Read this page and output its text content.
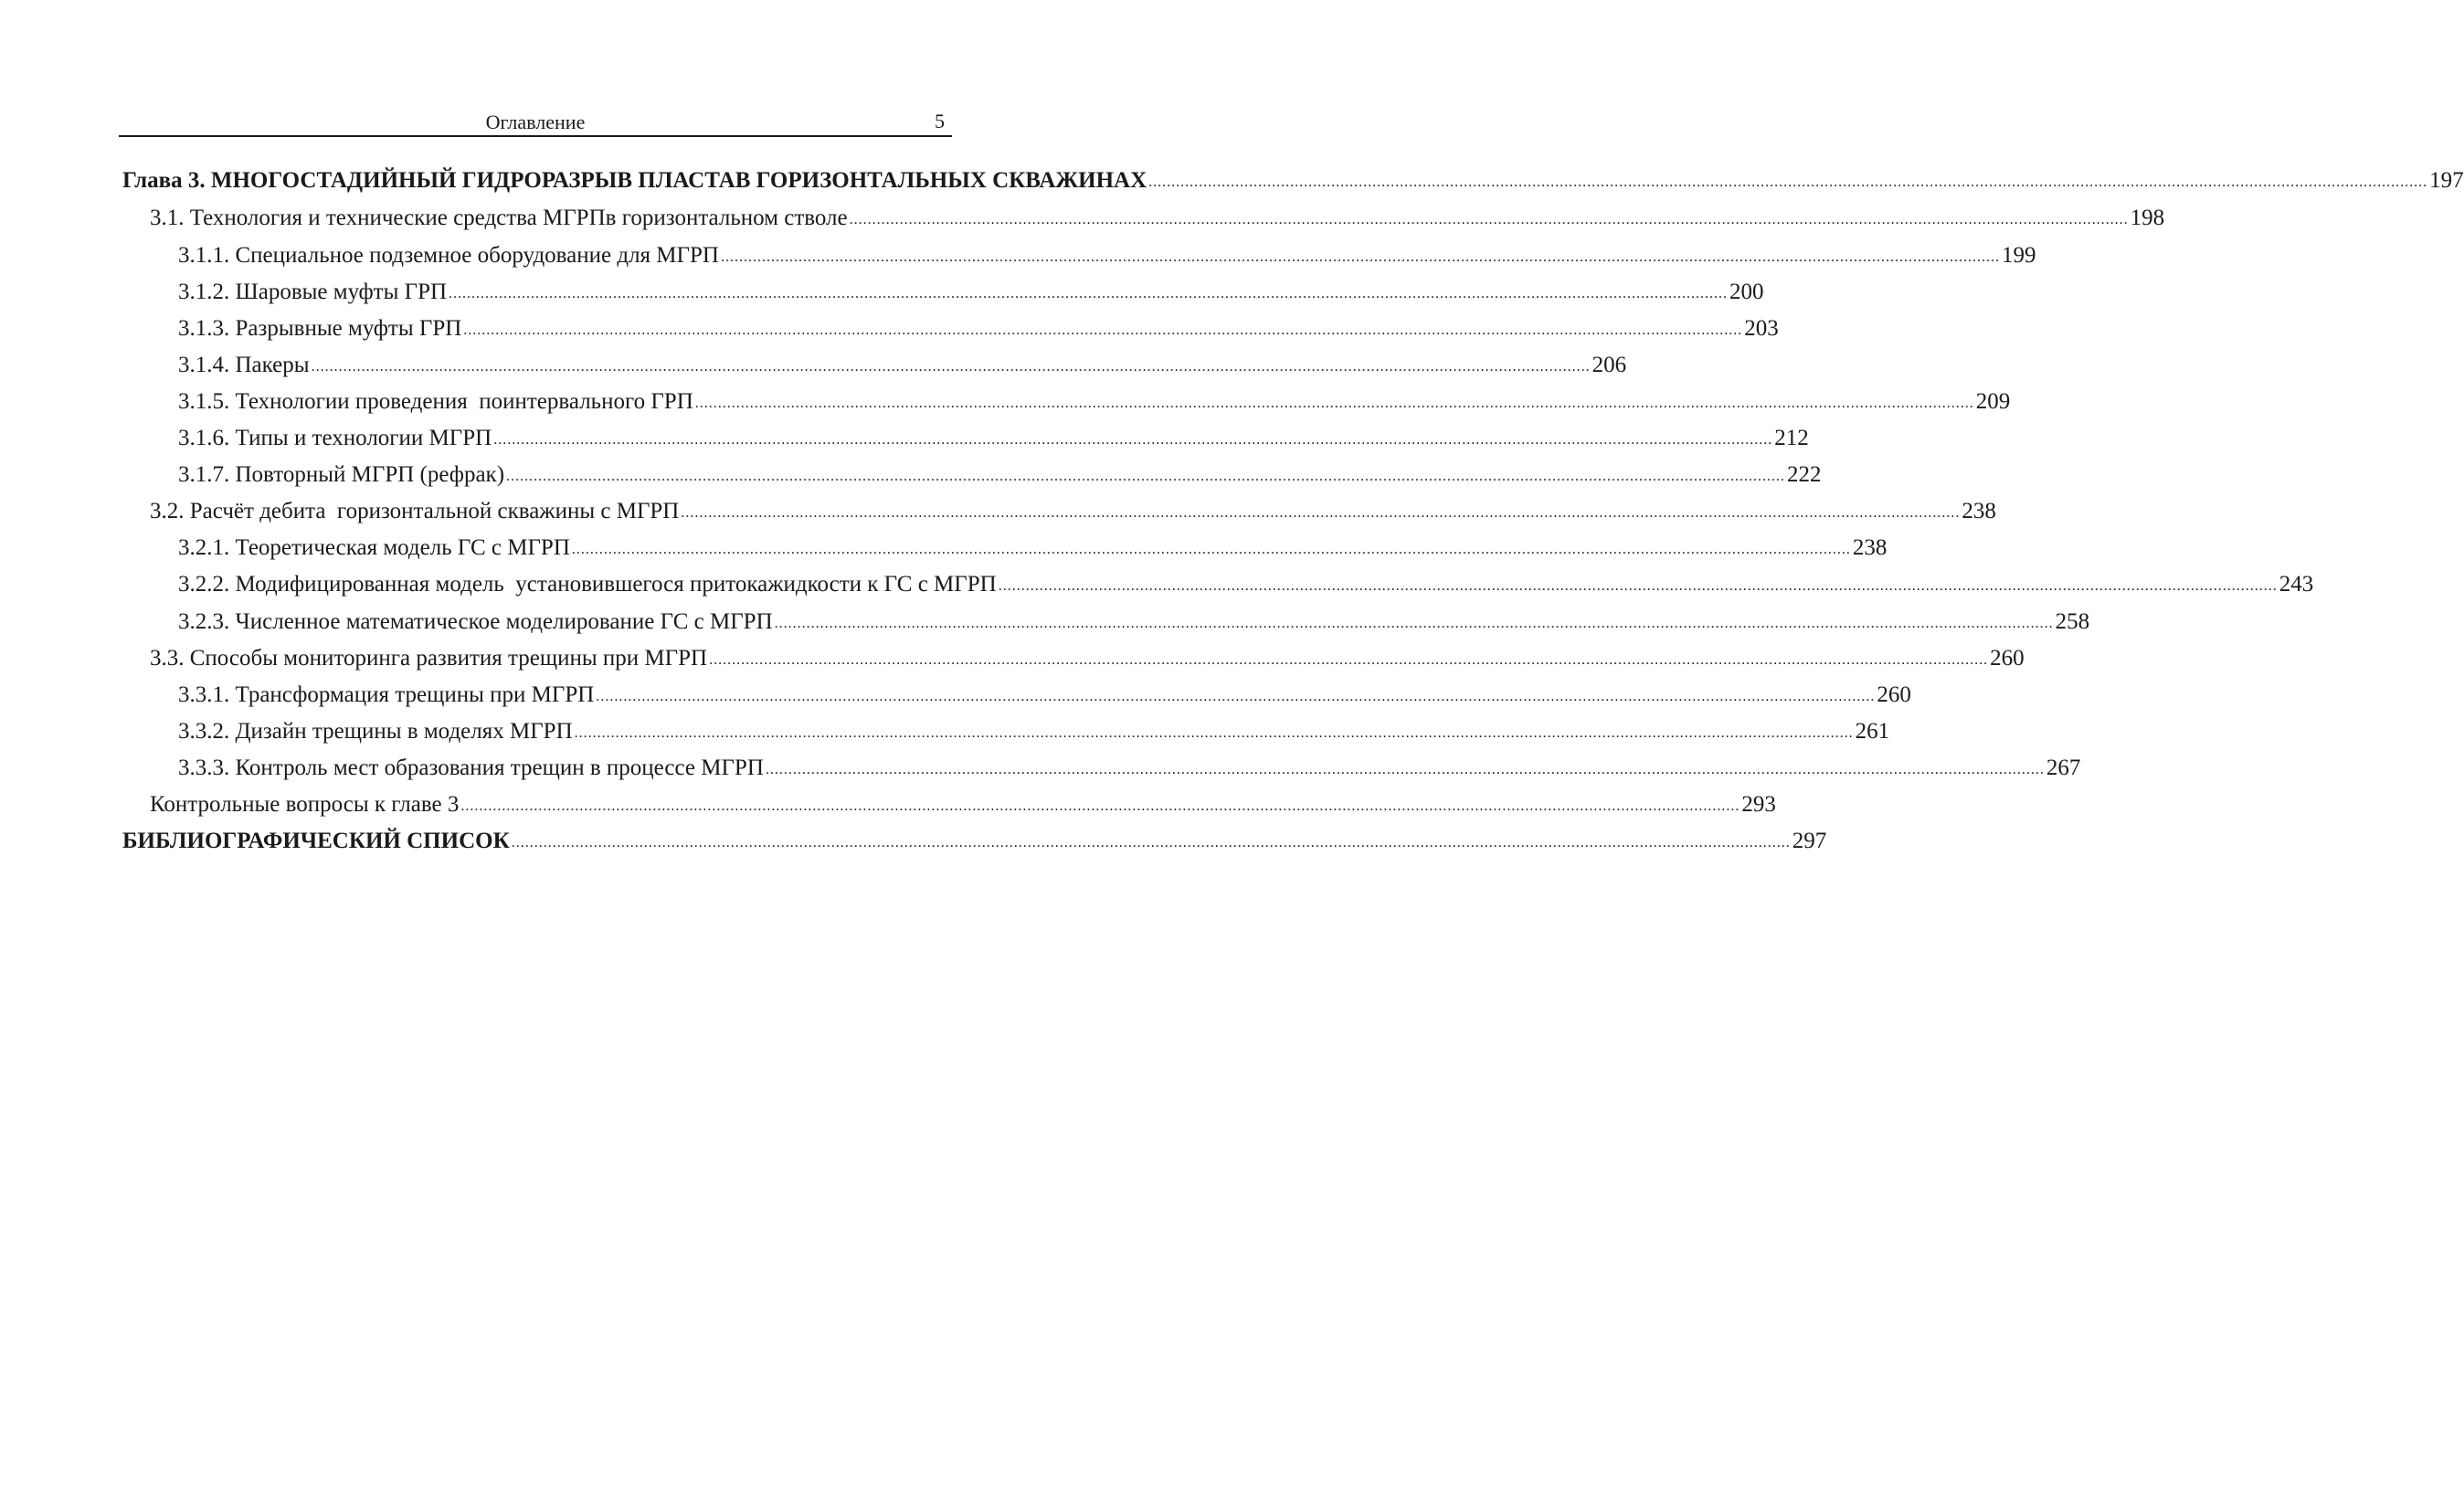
Оглавление	5
Глава 3. МНОГОСТАДИЙНЫЙ ГИДРОРАЗРЫВ ПЛАСТА В ГОРИЗОНТАЛЬНЫХ СКВАЖИНАХ .....	197
3.1. Технология и технические средства МГРП в горизонтальном стволе .....	198
3.1.1. Специальное подземное оборудование для МГРП .....	199
3.1.2. Шаровые муфты ГРП .....	200
3.1.3. Разрывные муфты ГРП .....	203
3.1.4. Пакеры .....	206
3.1.5. Технологии проведения  поинтервального ГРП .....	209
3.1.6. Типы и технологии МГРП .....	212
3.1.7. Повторный МГРП (рефрак) .....	222
3.2. Расчёт дебита  горизонтальной скважины с МГРП .....	238
3.2.1. Теоретическая модель ГС с МГРП .....	238
3.2.2. Модифицированная модель  установившегося притока жидкости к ГС с МГРП .....	243
3.2.3. Численное математическое моделирование ГС с МГРП .....	258
3.3. Способы мониторинга развития трещины при МГРП .....	260
3.3.1. Трансформация трещины при МГРП .....	260
3.3.2. Дизайн трещины в моделях МГРП .....	261
3.3.3. Контроль мест образования трещин в процессе МГРП .....	267
Контрольные вопросы к главе 3 .....	293
БИБЛИОГРАФИЧЕСКИЙ СПИСОК .....	297
